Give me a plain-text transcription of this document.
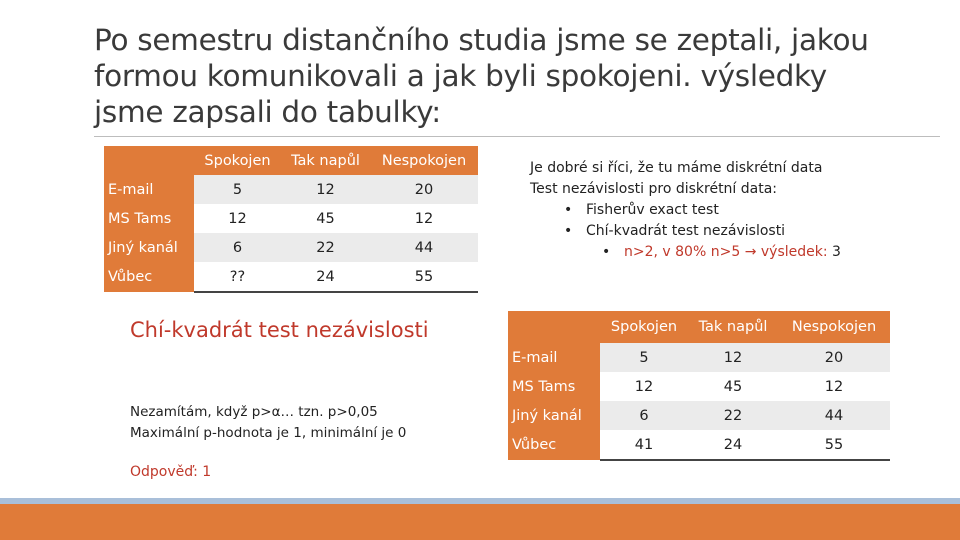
Po semestru distančního studia jsme se zeptali, jakou formou komunikovali a jak byli spokojeni. výsledky jsme zapsali do tabulky:
	Spokojen	Tak napůl	Nespokojen
E-mail	5	12	20
MS Tams	12	45	12
Jiný kanál	6	22	44
Vůbec	??	24	55

Je dobré si říci, že tu máme diskrétní data

Test nezávislosti pro diskrétní data:

• Fisherův exact test

• Chí-kvadrát test nezávislosti

• n>2, v 80% n>5 → výsledek: 3

Chí-kvadrát test nezávislosti

Nezamítám, když p>α… tzn. p>0,05

Maximální p-hodnota je 1, minimální je 0

Odpověď: 1
	Spokojen	Tak napůl	Nespokojen
E-mail	5	12	20
MS Tams	12	45	12
Jiný kanál	6	22	44
Vůbec	41	24	55
